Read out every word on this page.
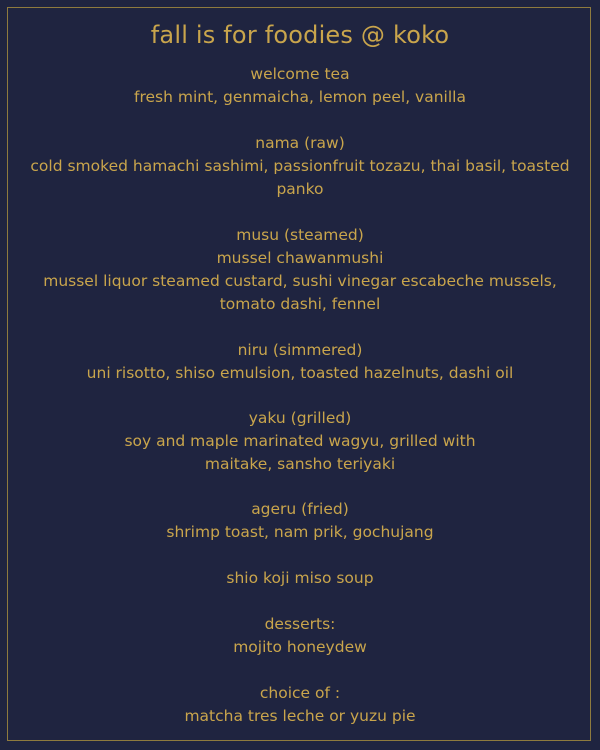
fall is for foodies @ koko
welcome tea
fresh mint, genmaicha, lemon peel, vanilla
nama (raw)
cold smoked hamachi sashimi, passionfruit tozazu, thai basil, toasted
panko
musu (steamed)
mussel chawanmushi
mussel liquor steamed custard, sushi vinegar escabeche mussels,
tomato dashi, fennel
niru (simmered)
uni risotto, shiso emulsion, toasted hazelnuts, dashi oil
yaku (grilled)
soy and maple marinated wagyu, grilled with
maitake, sansho teriyaki
ageru (fried)
shrimp toast, nam prik, gochujang
shio koji miso soup
desserts:
mojito honeydew
choice of :
matcha tres leche or yuzu pie
